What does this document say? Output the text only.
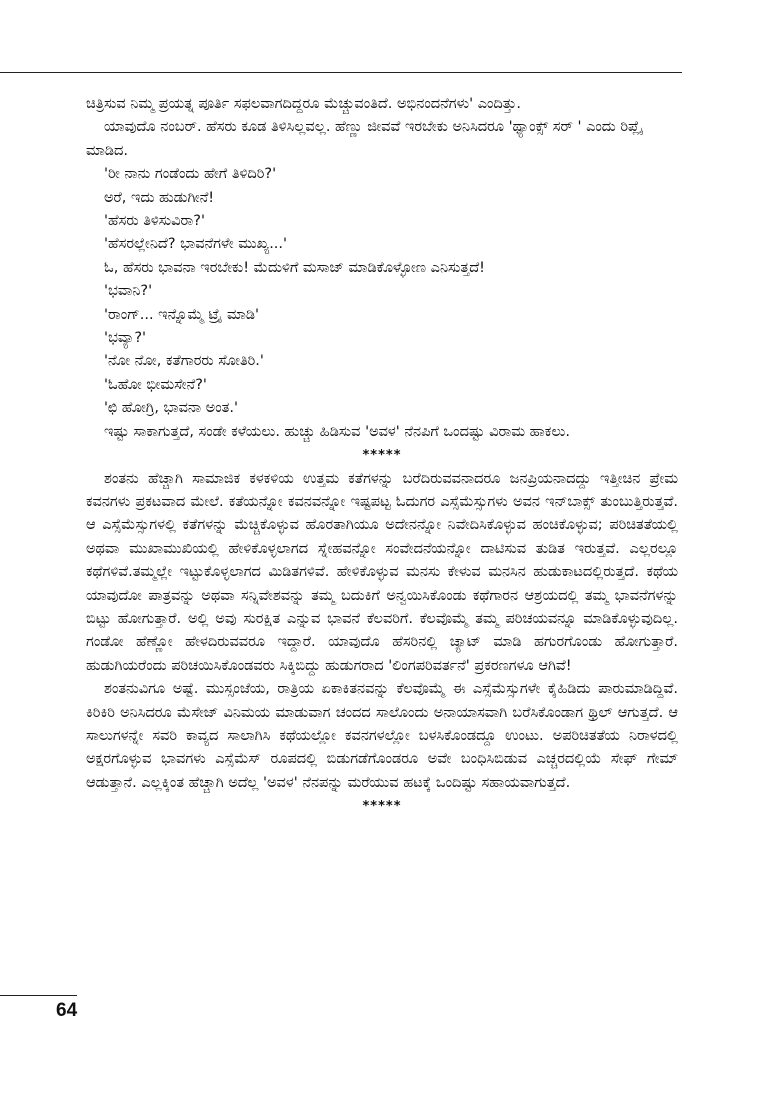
ಚಿತ್ರಿಸುವ ನಿಮ್ಮ ಪ್ರಯತ್ನ ಪೂರ್ತಿ ಸಫಲವಾಗದಿದ್ದರೂ ಮೆಚ್ಚುವಂತಿದೆ. ಅಭಿನಂದನೆಗಳು' ಎಂದಿತ್ತು.

ಯಾವುದೊ ನಂಬರ್. ಹೆಸರು ಕೂಡ ತಿಳಿಸಿಲ್ಲವಲ್ಲ. ಹೆಣ್ಣು ಜೀವವೆ ಇರಬೇಕು ಅನಿಸಿದರೂ 'ಥ್ಯಾಂಕ್ಸ್ ಸರ್ ' ಎಂದು ರಿಪ್ಲೈ ಮಾಡಿದ.

'ರೀ ನಾನು ಗಂಡೆಂದು ಹೇಗೆ ತಿಳಿದಿರಿ?'

ಅರೆ, ಇದು ಹುಡುಗೀನೆ!

'ಹೆಸರು ತಿಳಿಸುವಿರಾ?'

'ಹೆಸರಲ್ಲೇನಿದೆ? ಭಾವನೆಗಳೇ ಮುಖ್ಯ...'

ಓ, ಹೆಸರು ಭಾವನಾ ಇರಬೇಕು! ಮೆದುಳಿಗೆ ಮಸಾಜ್ ಮಾಡಿಕೊಳ್ಳೋಣ ಎನಿಸುತ್ತದೆ!

'ಭವಾನಿ?'

'ರಾಂಗ್... ಇನ್ನೊಮ್ಮೆ ಟ್ರೈ ಮಾಡಿ'

'ಭವ್ಯಾ?'

'ನೋ ನೋ, ಕತೆಗಾರರು ಸೋತಿರಿ.'

'ಓಹೋ ಭೀಮಸೇನೆ?'

'ಛಿ ಹೋಗ್ರಿ, ಭಾವನಾ ಅಂತ.'

ಇಷ್ಟು ಸಾಕಾಗುತ್ತದೆ, ಸಂಡೇ ಕಳೆಯಲು. ಹುಚ್ಚು ಹಿಡಿಸುವ 'ಅವಳ' ನೆನಪಿಗೆ ಒಂದಷ್ಟು ವಿರಾಮ ಹಾಕಲು.

*****

ಶಂತನು ಹೆಚ್ಚಾಗಿ ಸಾಮಾಜಿಕ ಕಳಕಳಿಯ ಉತ್ತಮ ಕತೆಗಳನ್ನು ಬರೆದಿರುವವನಾದರೂ ಜನಪ್ರಿಯನಾದದ್ದು ಇತ್ತೀಚಿನ ಪ್ರೇಮ ಕವನಗಳು ಪ್ರಕಟವಾದ ಮೇಲೆ. ಕತೆಯನ್ನೋ ಕವನವನ್ನೋ ಇಷ್ಟಪಟ್ಟ ಓದುಗರ ಎಸ್ಸೆಮೆಸ್ಸುಗಳು ಅವನ ಇನ್‌ಬಾಕ್ಸ್ ತುಂಬುತ್ತಿರುತ್ತವೆ. ಆ ಎಸ್ಸೆಮೆಸ್ಸುಗಳಲ್ಲಿ ಕತೆಗಳನ್ನು ಮೆಚ್ಚಿಕೊಳ್ಳುವ ಹೊರತಾಗಿಯೂ ಅದೇನನ್ನೋ ನಿವೇದಿಸಿಕೊಳ್ಳುವ ಹಂಚಿಕೊಳ್ಳುವ; ಪರಿಚಿತತೆಯಲ್ಲಿ ಅಥವಾ ಮುಖಾಮುಖಿಯಲ್ಲಿ ಹೇಳಿಕೊಳ್ಳಲಾಗದ ಸ್ನೇಹವನ್ನೋ ಸಂವೇದನೆಯನ್ನೋ ದಾಟಿಸುವ ತುಡಿತ ಇರುತ್ತವೆ. ಎಲ್ಲರಲ್ಲೂ ಕಥೆಗಳಿವೆ.ತಮ್ಮಲ್ಲೇ ಇಟ್ಟುಕೊಳ್ಳಲಾಗದ ಮಿಡಿತಗಳಿವೆ. ಹೇಳಿಕೊಳ್ಳುವ ಮನಸು ಕೇಳುವ ಮನಸಿನ ಹುಡುಕಾಟದಲ್ಲಿರುತ್ತದೆ. ಕಥೆಯ ಯಾವುದೋ ಪಾತ್ರವನ್ನು ಅಥವಾ ಸನ್ನಿವೇಶವನ್ನು ತಮ್ಮ ಬದುಕಿಗೆ ಅನ್ವಯಿಸಿಕೊಂಡು ಕಥೆಗಾರನ ಆಶ್ರಯದಲ್ಲಿ ತಮ್ಮ ಭಾವನೆಗಳನ್ನು ಬಿಟ್ಟು ಹೋಗುತ್ತಾರೆ. ಅಲ್ಲಿ ಅವು ಸುರಕ್ಷಿತ ಎನ್ನುವ ಭಾವನೆ ಕೆಲವರಿಗೆ. ಕೆಲವೊಮ್ಮೆ ತಮ್ಮ ಪರಿಚಯವನ್ನೂ ಮಾಡಿಕೊಳ್ಳುವುದಿಲ್ಲ. ಗಂಡೋ ಹೆಣ್ಣೋ ಹೇಳದಿರುವವರೂ ಇದ್ದಾರೆ. ಯಾವುದೊ ಹೆಸರಿನಲ್ಲಿ ಚ್ಯಾಟ್ ಮಾಡಿ ಹಗುರಗೊಂಡು ಹೋಗುತ್ತಾರೆ. ಹುಡುಗಿಯರೆಂದು ಪರಿಚಯಿಸಿಕೊಂಡವರು ಸಿಕ್ಕಿಬಿದ್ದು ಹುಡುಗರಾದ 'ಲಿಂಗಪರಿವರ್ತನೆ' ಪ್ರಕರಣಗಳೂ ಆಗಿವೆ!

ಶಂತನುವಿಗೂ ಅಷ್ಟೆ. ಮುಸ್ಸಂಜೆಯ, ರಾತ್ರಿಯ ಏಕಾಕಿತನವನ್ನು ಕೆಲವೊಮ್ಮೆ ಈ ಎಸ್ಸೆಮೆಸ್ಸುಗಳೇ ಕೈಹಿಡಿದು ಪಾರುಮಾಡಿದ್ದಿವೆ. ಕಿರಿಕಿರಿ ಅನಿಸಿದರೂ ಮೆಸೇಜ್ ವಿನಿಮಯ ಮಾಡುವಾಗ ಚಂದದ ಸಾಲೊಂದು ಅನಾಯಾಸವಾಗಿ ಬರೆಸಿಕೊಂಡಾಗ ಥ್ರಿಲ್ ಆಗುತ್ತದೆ. ಆ ಸಾಲುಗಳನ್ನೇ ಸವರಿ ಕಾವ್ಯದ ಸಾಲಾಗಿಸಿ ಕಥೆಯಲ್ಲೋ ಕವನಗಳಲ್ಲೋ ಬಳಸಿಕೊಂಡದ್ದೂ ಉಂಟು. ಅಪರಿಚಿತತೆಯ ನಿರಾಳದಲ್ಲಿ ಅಕ್ಷರಗೊಳ್ಳುವ ಭಾವಗಳು ಎಸ್ಸೆಮೆಸ್ ರೂಪದಲ್ಲಿ ಬಿಡುಗಡೆಗೊಂಡರೂ ಅವೇ ಬಂಧಿಸಿಬಿಡುವ ಎಚ್ಚರದಲ್ಲಿಯೆ ಸೇಫ್ ಗೇಮ್ ಆಡುತ್ತಾನೆ. ಎಲ್ಲಕ್ಕಿಂತ ಹೆಚ್ಚಾಗಿ ಅದೆಲ್ಲ 'ಅವಳ' ನೆನಪನ್ನು ಮರೆಯುವ ಹಟಕ್ಕೆ ಒಂದಿಷ್ಟು ಸಹಾಯವಾಗುತ್ತದೆ.

*****

64
